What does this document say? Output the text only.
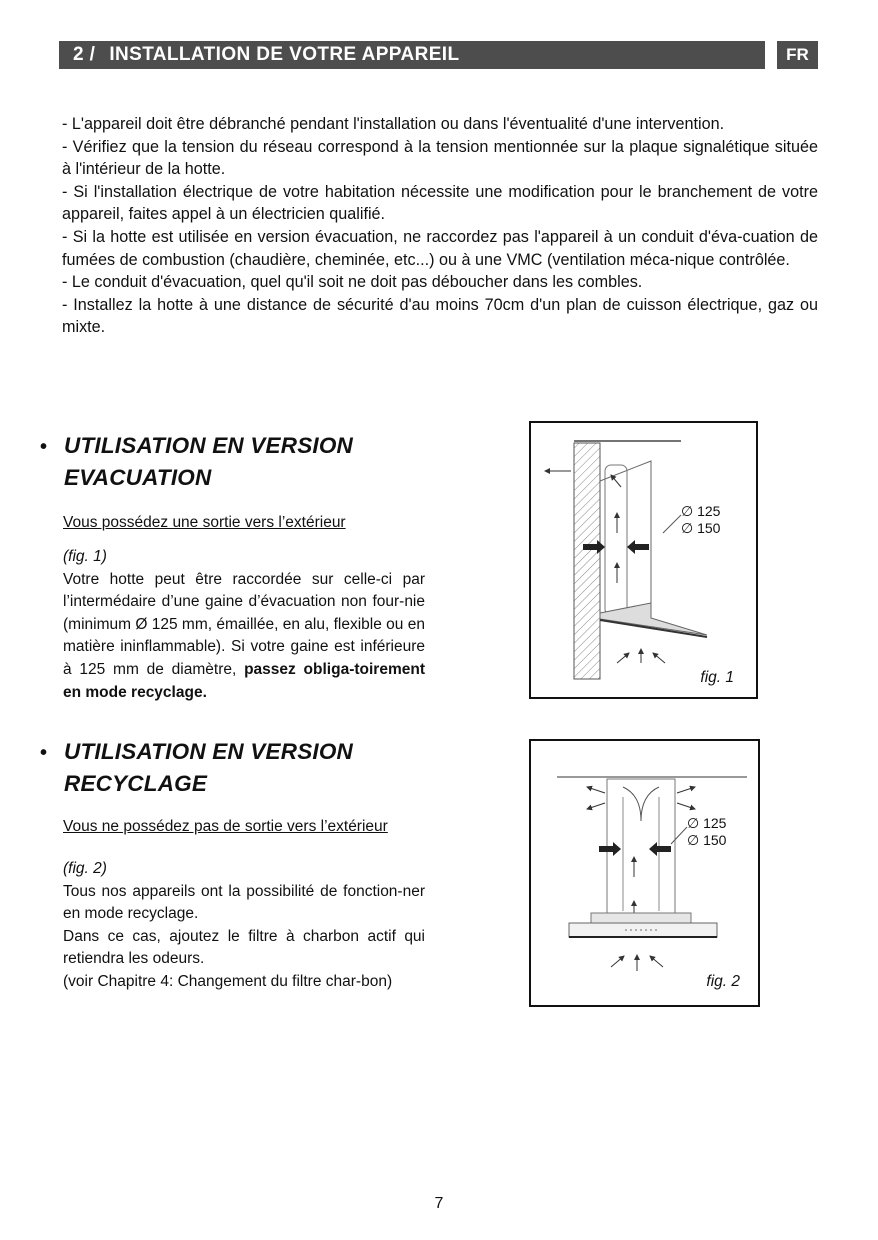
2 / INSTALLATION DE VOTRE APPAREIL	FR

- L'appareil doit être débranché pendant l'installation ou dans l'éventualité d'une intervention.

- Vérifiez que la tension du réseau correspond à la tension mentionnée sur la plaque signalétique située à l'intérieur de la hotte.

- Si l'installation électrique de votre habitation nécessite une modification pour le branchement de votre appareil, faites appel à un électricien qualifié.

- Si la hotte est utilisée en version évacuation, ne raccordez pas l'appareil à un conduit d'éva-cuation de fumées de combustion (chaudière, cheminée, etc...) ou à une VMC (ventilation méca-nique contrôlée.

- Le conduit d'évacuation, quel qu'il soit ne doit pas déboucher dans les combles.

- Installez la hotte à une distance de sécurité d'au moins 70cm d'un plan de cuisson électrique, gaz ou mixte.

• UTILISATION EN VERSION
EVACUATION
Vous possédez une sortie vers l’extérieur

(fig. 1)

Votre hotte peut être raccordée sur celle-ci par l’intermédaire d’une gaine d’évacuation non four-nie (minimum Ø 125 mm, émaillée, en alu, flexible ou en matière ininflammable). Si votre gaine est inférieure à 125 mm de diamètre, passez obliga-toirement en mode recyclage.

• UTILISATION EN VERSION
RECYCLAGE
Vous ne possédez pas de sortie vers l’extérieur

(fig. 2)

Tous nos appareils ont la possibilité de fonction-ner en mode recyclage.

Dans ce cas, ajoutez le filtre à charbon actif qui retiendra les odeurs.

(voir Chapitre 4: Changement du filtre char-bon)

∅ 125
∅ 150
fig. 1
∅ 125
∅ 150
fig. 2
7
